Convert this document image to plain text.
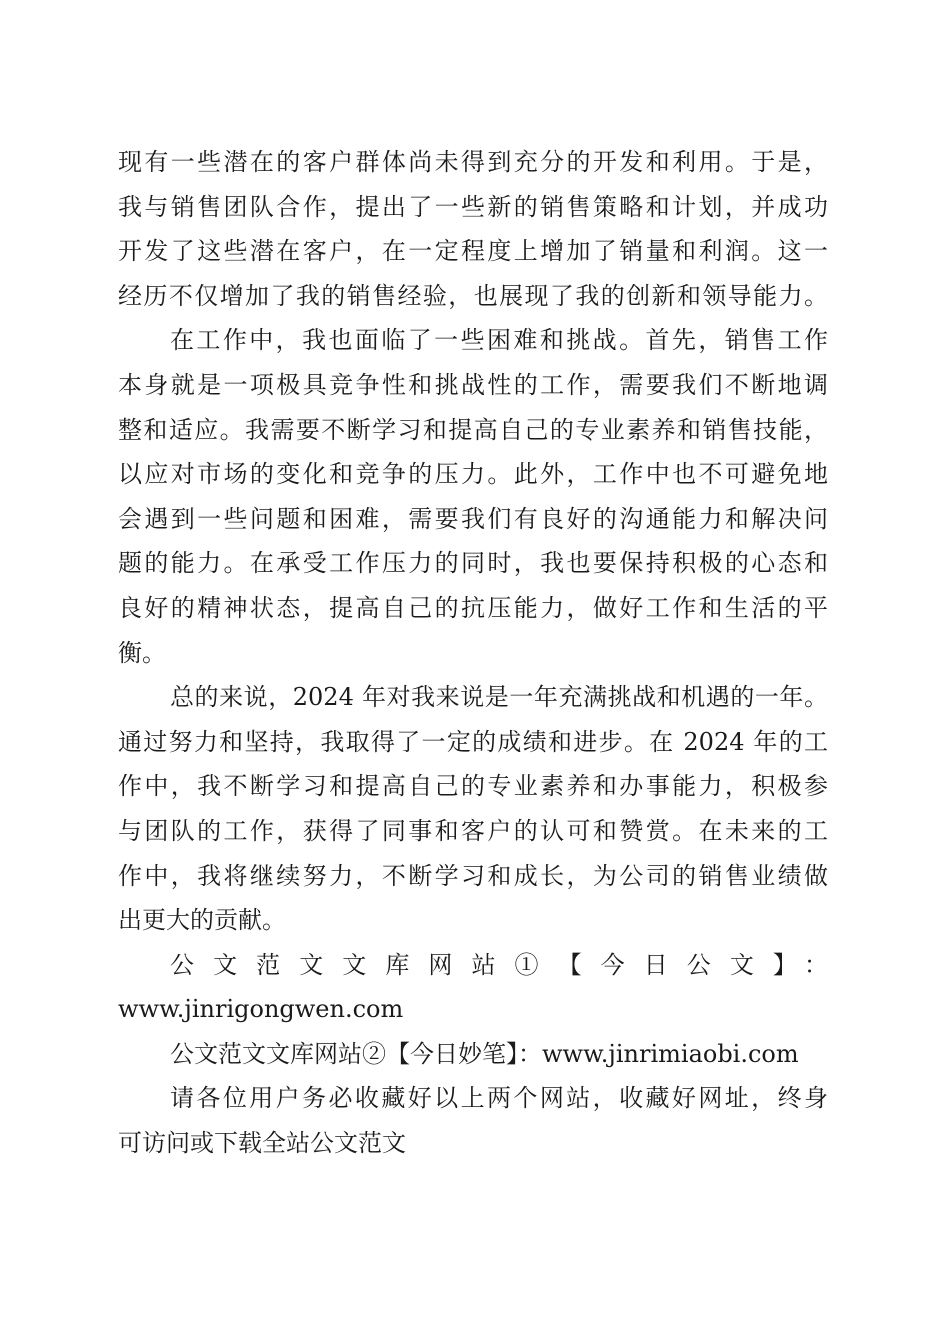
现有一些潜在的客户群体尚未得到充分的开发和利用。于是，
我与销售团队合作，提出了一些新的销售策略和计划，并成功
开发了这些潜在客户，在一定程度上增加了销量和利润。这一
经历不仅增加了我的销售经验，也展现了我的创新和领导能力。
在工作中，我也面临了一些困难和挑战。首先，销售工作
本身就是一项极具竞争性和挑战性的工作，需要我们不断地调
整和适应。我需要不断学习和提高自己的专业素养和销售技能，
以应对市场的变化和竞争的压力。此外，工作中也不可避免地
会遇到一些问题和困难，需要我们有良好的沟通能力和解决问
题的能力。在承受工作压力的同时，我也要保持积极的心态和
良好的精神状态，提高自己的抗压能力，做好工作和生活的平
衡。
总的来说，2024 年对我来说是一年充满挑战和机遇的一年。
通过努力和坚持，我取得了一定的成绩和进步。在 2024 年的工
作中，我不断学习和提高自己的专业素养和办事能力，积极参
与团队的工作，获得了同事和客户的认可和赞赏。在未来的工
作中，我将继续努力，不断学习和成长，为公司的销售业绩做
出更大的贡献。
公文范文文库网站①【今日公文】：
www.jinrigongwen.com
公文范文文库网站②【今日妙笔】：www.jinrimiaobi.com
请各位用户务必收藏好以上两个网站，收藏好网址，终身
可访问或下载全站公文范文
